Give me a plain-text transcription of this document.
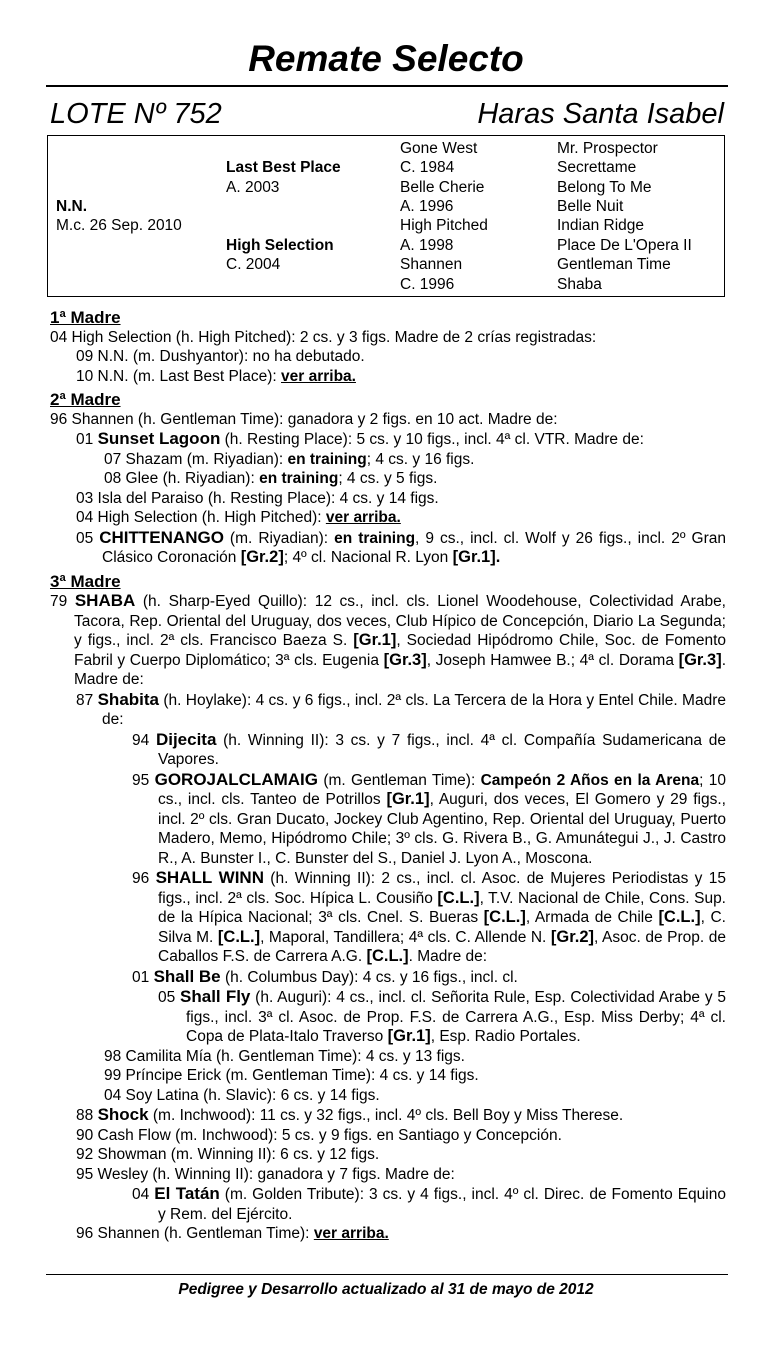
Remate Selecto
LOTE Nº 752	Haras Santa Isabel
N.N.
M.c. 26 Sep. 2010
Last Best Place
A. 2003
High Selection
C. 2004
Gone West
C. 1984
Belle Cherie
A. 1996
High Pitched
A. 1998
Shannen
C. 1996
Mr. Prospector
Secrettame
Belong To Me
Belle Nuit
Indian Ridge
Place De L'Opera II
Gentleman Time
Shaba
1ª Madre
04 High Selection (h. High Pitched): 2 cs. y 3 figs. Madre de 2 crías registradas:
09 N.N. (m. Dushyantor): no ha debutado.
10 N.N. (m. Last Best Place): ver arriba.
2ª Madre
96 Shannen (h. Gentleman Time): ganadora y 2 figs. en 10 act. Madre de:
01 Sunset Lagoon (h. Resting Place): 5 cs. y 10 figs., incl. 4ª cl. VTR. Madre de:
07 Shazam (m. Riyadian): en training; 4 cs. y 16 figs.
08 Glee (h. Riyadian): en training; 4 cs. y 5 figs.
03 Isla del Paraiso (h. Resting Place): 4 cs. y 14 figs.
04 High Selection (h. High Pitched): ver arriba.
05 CHITTENANGO (m. Riyadian): en training, 9 cs., incl. cl. Wolf y 26 figs., incl. 2º Gran Clásico Coronación [Gr.2]; 4º cl. Nacional R. Lyon [Gr.1].
3ª Madre
79 SHABA (h. Sharp-Eyed Quillo): 12 cs., incl. cls. Lionel Woodehouse, Colectividad Arabe, Tacora, Rep. Oriental del Uruguay, dos veces, Club Hípico de Concepción, Diario La Segunda; y figs., incl. 2ª cls. Francisco Baeza S. [Gr.1], Sociedad Hipódromo Chile, Soc. de Fomento Fabril y Cuerpo Diplomático; 3ª cls. Eugenia [Gr.3], Joseph Hamwee B.; 4ª cl. Dorama [Gr.3]. Madre de:
87 Shabita (h. Hoylake): 4 cs. y 6 figs., incl. 2ª cls. La Tercera de la Hora y Entel Chile. Madre de:
94 Dijecita (h. Winning II): 3 cs. y 7 figs., incl. 4ª cl. Compañía Sudamericana de Vapores.
95 GOROJALCLAMAIG (m. Gentleman Time): Campeón 2 Años en la Arena; 10 cs., incl. cls. Tanteo de Potrillos [Gr.1], Auguri, dos veces, El Gomero y 29 figs., incl. 2º cls. Gran Ducato, Jockey Club Agentino, Rep. Oriental del Uruguay, Puerto Madero, Memo, Hipódromo Chile; 3º cls. G. Rivera B., G. Amunátegui J., J. Castro R., A. Bunster I., C. Bunster del S., Daniel J. Lyon A., Moscona.
96 SHALL WINN (h. Winning II): 2 cs., incl. cl. Asoc. de Mujeres Periodistas y 15 figs., incl. 2ª cls. Soc. Hípica L. Cousiño [C.L.], T.V. Nacional de Chile, Cons. Sup. de la Hípica Nacional; 3ª cls. Cnel. S. Bueras [C.L.], Armada de Chile [C.L.], C. Silva M. [C.L.], Maporal, Tandillera; 4ª cls. C. Allende N. [Gr.2], Asoc. de Prop. de Caballos F.S. de Carrera A.G. [C.L.]. Madre de:
01 Shall Be (h. Columbus Day): 4 cs. y 16 figs., incl. cl.
05 Shall Fly (h. Auguri): 4 cs., incl. cl. Señorita Rule, Esp. Colectividad Arabe y 5 figs., incl. 3ª cl. Asoc. de Prop. F.S. de Carrera A.G., Esp. Miss Derby; 4ª cl. Copa de Plata-Italo Traverso [Gr.1], Esp. Radio Portales.
98 Camilita Mía (h. Gentleman Time): 4 cs. y 13 figs.
99 Príncipe Erick (m. Gentleman Time): 4 cs. y 14 figs.
04 Soy Latina (h. Slavic): 6 cs. y 14 figs.
88 Shock (m. Inchwood): 11 cs. y 32 figs., incl. 4º cls. Bell Boy y Miss Therese.
90 Cash Flow (m. Inchwood): 5 cs. y 9 figs. en Santiago y Concepción.
92 Showman (m. Winning II): 6 cs. y 12 figs.
95 Wesley (h. Winning II): ganadora y 7 figs. Madre de:
04 El Tatán (m. Golden Tribute): 3 cs. y 4 figs., incl. 4º cl. Direc. de Fomento Equino y Rem. del Ejército.
96 Shannen (h. Gentleman Time): ver arriba.
Pedigree y Desarrollo actualizado al 31 de mayo de 2012
